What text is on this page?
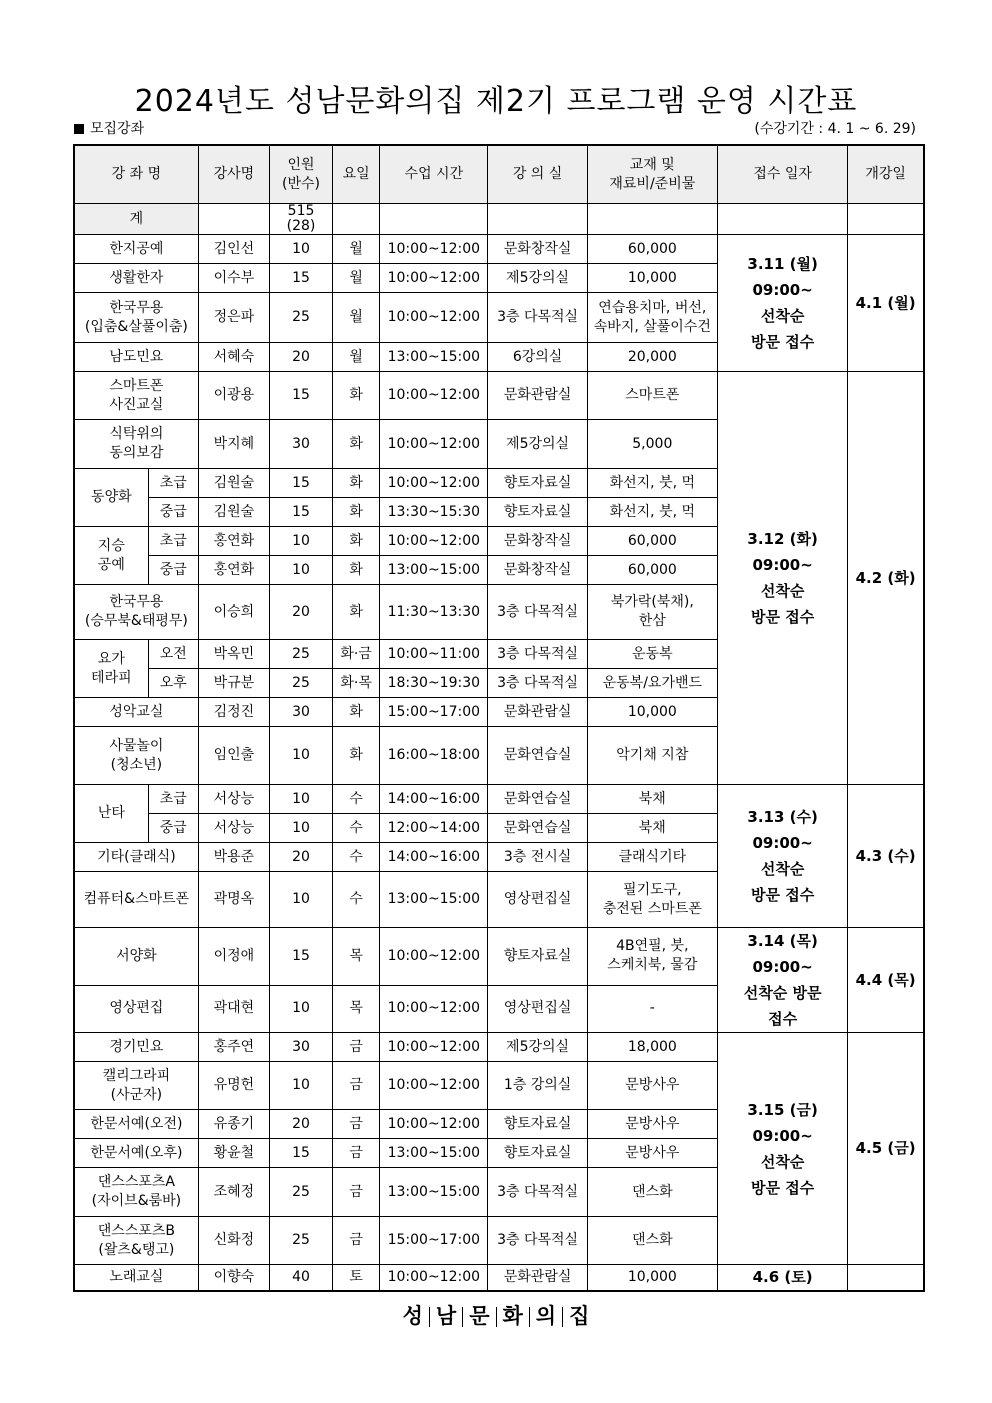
2024년도 성남문화의집 제2기 프로그램 운영 시간표
모집강좌	(수강기간 : 4. 1 ~ 6. 29)
강 좌 명		강사명	인원
(반수)	요일	수업 시간	강 의 실	교재 및
재료비/준비물	접수 일자	개강일
계			515
(28)						
한지공예		김인선	10	월	10:00~12:00	문화창작실	60,000	3.11 (월)
09:00~
선착순
방문 접수	4.1 (월)
생활한자		이수부	15	월	10:00~12:00	제5강의실	10,000		
한국무용
(입춤&살풀이춤)		정은파	25	월	10:00~12:00	3층 다목적실	연습용치마, 버선,
속바지, 살풀이수건		
남도민요		서혜숙	20	월	13:00~15:00	6강의실	20,000		
스마트폰
사진교실		이광용	15	화	10:00~12:00	문화관람실	스마트폰	3.12 (화)
09:00~
선착순
방문 접수	4.2 (화)
식탁위의
동의보감		박지혜	30	화	10:00~12:00	제5강의실	5,000		
동양화	초급	김원술	15	화	10:00~12:00	향토자료실	화선지, 붓, 먹		
	중급	김원술	15	화	13:30~15:30	향토자료실	화선지, 붓, 먹		
지승
공예	초급	홍연화	10	화	10:00~12:00	문화창작실	60,000		
	중급	홍연화	10	화	13:00~15:00	문화창작실	60,000		
한국무용
(승무북&태평무)		이승희	20	화	11:30~13:30	3층 다목적실	북가락(북채),
한삼		
요가
테라피	오전	박옥민	25	화·금	10:00~11:00	3층 다목적실	운동복		
	오후	박규분	25	화·목	18:30~19:30	3층 다목적실	운동복/요가밴드		
성악교실		김정진	30	화	15:00~17:00	문화관람실	10,000		
사물놀이
(청소년)		임인출	10	화	16:00~18:00	문화연습실	악기채 지참		
난타	초급	서상능	10	수	14:00~16:00	문화연습실	북채	3.13 (수)
09:00~
선착순
방문 접수	4.3 (수)
	중급	서상능	10	수	12:00~14:00	문화연습실	북채		
기타(클래식)		박용준	20	수	14:00~16:00	3층 전시실	클래식기타		
컴퓨터&스마트폰		곽명옥	10	수	13:00~15:00	영상편집실	필기도구,
충전된 스마트폰		
서양화		이정애	15	목	10:00~12:00	향토자료실	4B연필, 붓,
스케치북, 물감	3.14 (목)
09:00~
선착순 방문
접수	4.4 (목)
영상편집		곽대현	10	목	10:00~12:00	영상편집실	-		
경기민요		홍주연	30	금	10:00~12:00	제5강의실	18,000	3.15 (금)
09:00~
선착순
방문 접수	4.5 (금)
캘리그라피
(사군자)		유명헌	10	금	10:00~12:00	1층 강의실	문방사우		
한문서예(오전)		유종기	20	금	10:00~12:00	향토자료실	문방사우		
한문서예(오후)		황윤철	15	금	13:00~15:00	향토자료실	문방사우		
댄스스포츠A
(자이브&룸바)		조혜정	25	금	13:00~15:00	3층 다목적실	댄스화		
댄스스포츠B
(왈츠&탱고)		신화정	25	금	15:00~17:00	3층 다목적실	댄스화		
노래교실		이향숙	40	토	10:00~12:00	문화관람실	10,000	4.6 (토)	
성 남 문 화 의 집
